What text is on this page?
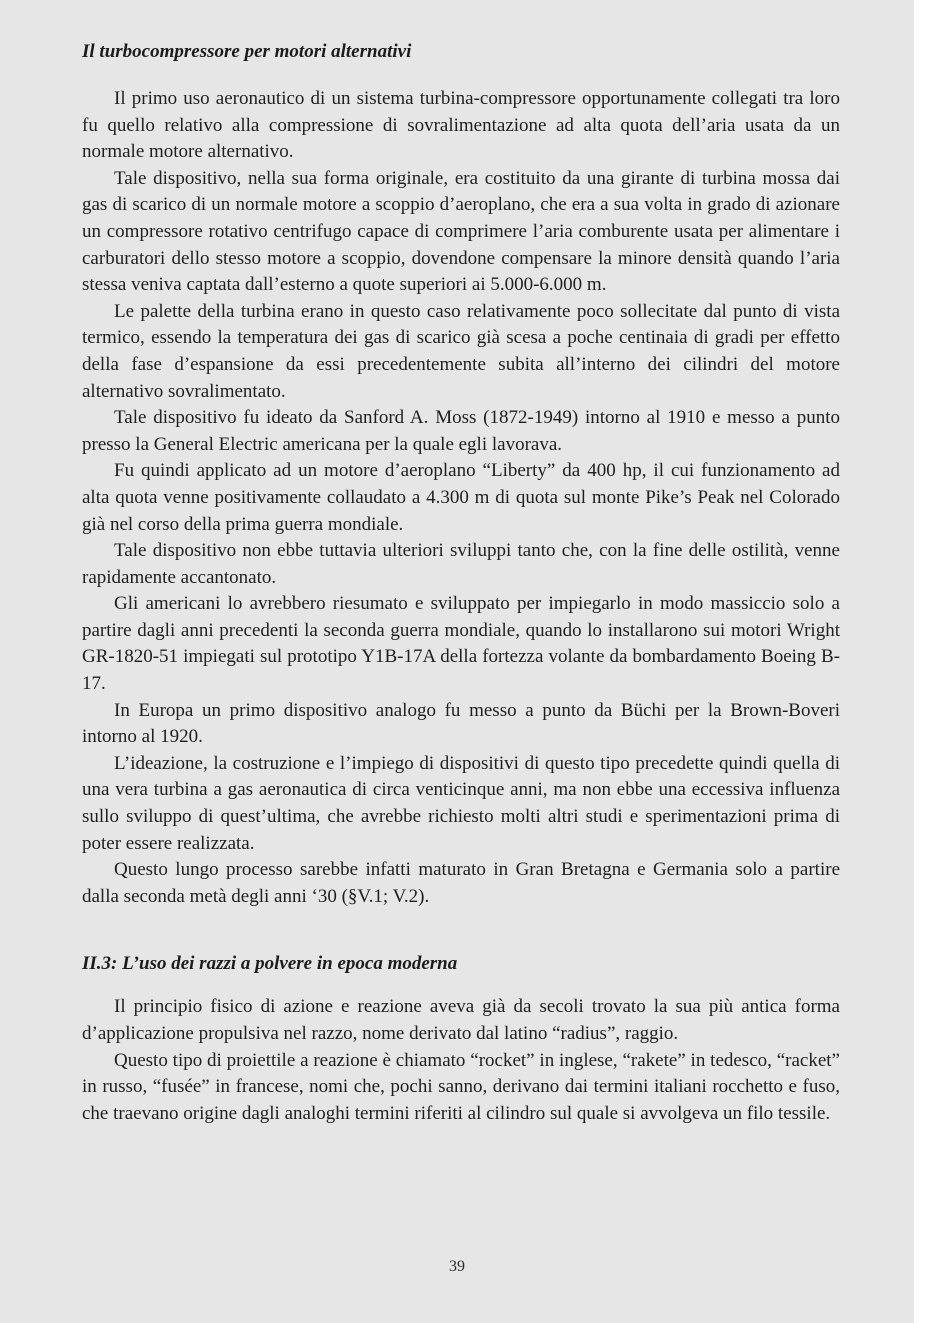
Il turbocompressore per motori alternativi

Il primo uso aeronautico di un sistema turbina-compressore opportunamente collegati tra loro fu quello relativo alla compressione di sovralimentazione ad alta quota dell’aria usata da un normale motore alternativo.

Tale dispositivo, nella sua forma originale, era costituito da una girante di turbina mossa dai gas di scarico di un normale motore a scoppio d’aeroplano, che era a sua volta in grado di azionare un compressore rotativo centrifugo capace di comprimere l’aria comburente usata per alimentare i carburatori dello stesso motore a scoppio, dovendone compensare la minore densità quando l’aria stessa veniva captata dall’esterno a quote superiori ai 5.000-6.000 m.

Le palette della turbina erano in questo caso relativamente poco sollecitate dal punto di vista termico, essendo la temperatura dei gas di scarico già scesa a poche centinaia di gradi per effetto della fase d’espansione da essi precedentemente subita all’interno dei cilindri del motore alternativo sovralimentato.

Tale dispositivo fu ideato da Sanford A. Moss (1872-1949) intorno al 1910 e messo a punto presso la General Electric americana per la quale egli lavorava.

Fu quindi applicato ad un motore d’aeroplano “Liberty” da 400 hp, il cui funzionamento ad alta quota venne positivamente collaudato a 4.300 m di quota sul monte Pike’s Peak nel Colorado già nel corso della prima guerra mondiale.

Tale dispositivo non ebbe tuttavia ulteriori sviluppi tanto che, con la fine delle ostilità, venne rapidamente accantonato.

Gli americani lo avrebbero riesumato e sviluppato per impiegarlo in modo massiccio solo a partire dagli anni precedenti la seconda guerra mondiale, quando lo installarono sui motori Wright GR-1820-51 impiegati sul prototipo Y1B-17A della fortezza volante da bombardamento Boeing B-17.

In Europa un primo dispositivo analogo fu messo a punto da Büchi per la Brown-Boveri intorno al 1920.

L’ideazione, la costruzione e l’impiego di dispositivi di questo tipo precedette quindi quella di una vera turbina a gas aeronautica di circa venticinque anni, ma non ebbe una eccessiva influenza sullo sviluppo di quest’ultima, che avrebbe richiesto molti altri studi e sperimentazioni prima di poter essere realizzata.

Questo lungo processo sarebbe infatti maturato in Gran Bretagna e Germania solo a partire dalla seconda metà degli anni ‘30 (§V.1; V.2).

II.3: L’uso dei razzi a polvere in epoca moderna

Il principio fisico di azione e reazione aveva già da secoli trovato la sua più antica forma d’applicazione propulsiva nel razzo, nome derivato dal latino “radius”, raggio.

Questo tipo di proiettile a reazione è chiamato “rocket” in inglese, “rakete” in tedesco, “racket” in russo, “fusée” in francese, nomi che, pochi sanno, derivano dai termini italiani rocchetto e fuso, che traevano origine dagli analoghi termini riferiti al cilindro sul quale si avvolgeva un filo tessile.

39
